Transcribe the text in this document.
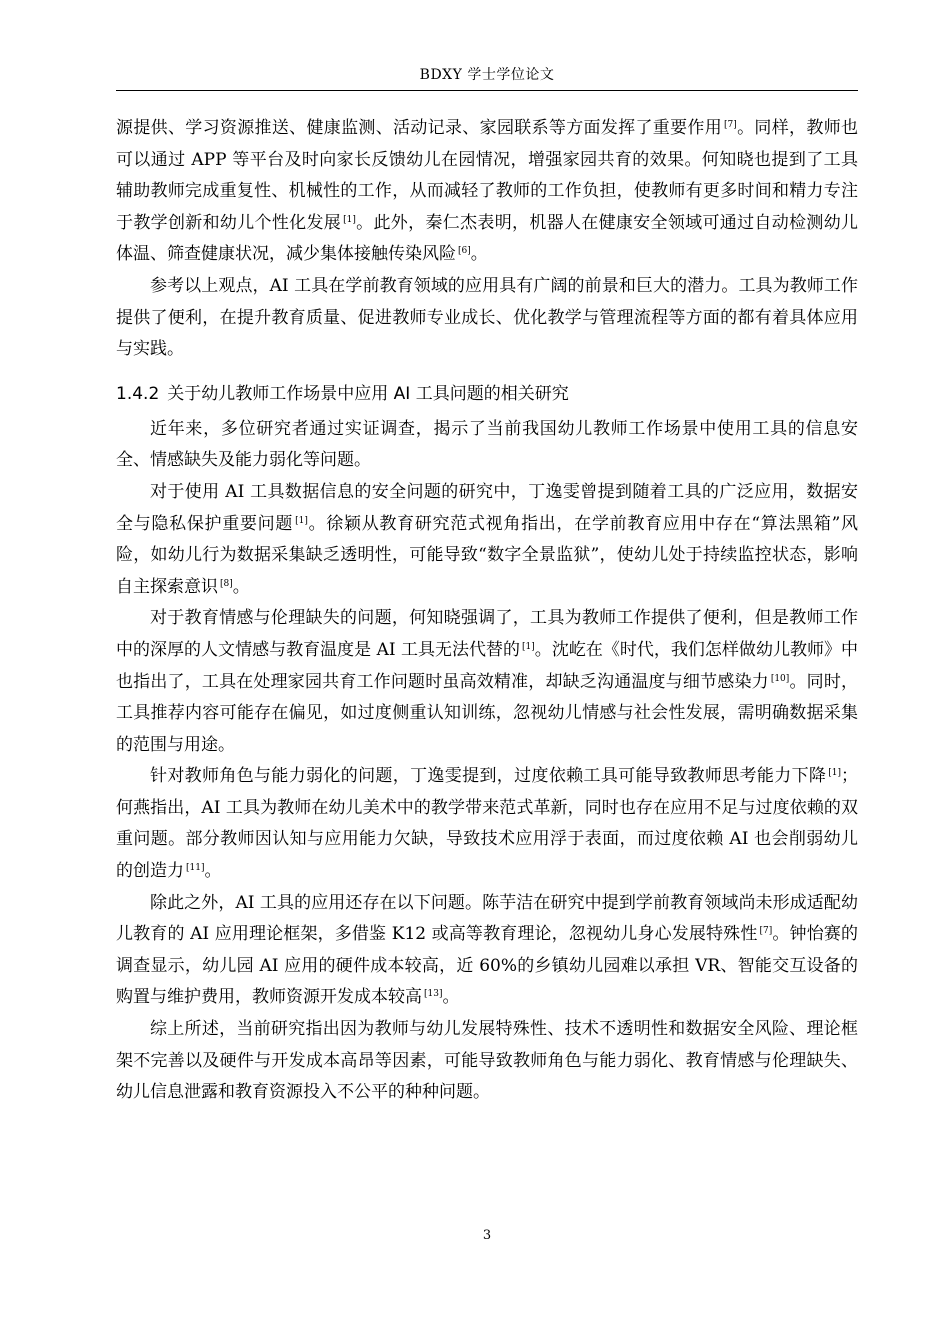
BDXY 学士学位论文

源提供、学习资源推送、健康监测、活动记录、家园联系等方面发挥了重要作用 [7]。同样，教师也可以通过 APP 等平台及时向家长反馈幼儿在园情况，增强家园共育的效果。何知晓也提到了工具辅助教师完成重复性、机械性的工作，从而减轻了教师的工作负担，使教师有更多时间和精力专注于教学创新和幼儿个性化发展 [1]。此外，秦仁杰表明，机器人在健康安全领域可通过自动检测幼儿体温、筛查健康状况，减少集体接触传染风险 [6]。

参考以上观点，AI 工具在学前教育领域的应用具有广阔的前景和巨大的潜力。工具为教师工作提供了便利，在提升教育质量、促进教师专业成长、优化教学与管理流程等方面的都有着具体应用与实践。

1.4.2 关于幼儿教师工作场景中应用 AI 工具问题的相关研究

近年来，多位研究者通过实证调查，揭示了当前我国幼儿教师工作场景中使用工具的信息安全、情感缺失及能力弱化等问题。

对于使用 AI 工具数据信息的安全问题的研究中，丁逸雯曾提到随着工具的广泛应用，数据安全与隐私保护重要问题 [1]。徐颖从教育研究范式视角指出，在学前教育应用中存在“算法黑箱”风险，如幼儿行为数据采集缺乏透明性，可能导致“数字全景监狱”，使幼儿处于持续监控状态，影响自主探索意识 [8]。

对于教育情感与伦理缺失的问题，何知晓强调了，工具为教师工作提供了便利，但是教师工作中的深厚的人文情感与教育温度是 AI 工具无法代替的 [1]。沈屹在《时代，我们怎样做幼儿教师》中也指出了，工具在处理家园共育工作问题时虽高效精准，却缺乏沟通温度与细节感染力 [10]。同时，工具推荐内容可能存在偏见，如过度侧重认知训练，忽视幼儿情感与社会性发展，需明确数据采集的范围与用途。

针对教师角色与能力弱化的问题，丁逸雯提到，过度依赖工具可能导致教师思考能力下降 [1]；何燕指出，AI 工具为教师在幼儿美术中的教学带来范式革新，同时也存在应用不足与过度依赖的双重问题。部分教师因认知与应用能力欠缺，导致技术应用浮于表面，而过度依赖 AI 也会削弱幼儿的创造力 [11]。

除此之外，AI 工具的应用还存在以下问题。陈芋洁在研究中提到学前教育领域尚未形成适配幼儿教育的 AI 应用理论框架，多借鉴 K12 或高等教育理论，忽视幼儿身心发展特殊性 [7]。钟怡赛的调查显示，幼儿园 AI 应用的硬件成本较高，近 60%的乡镇幼儿园难以承担 VR、智能交互设备的购置与维护费用，教师资源开发成本较高 [13]。

综上所述，当前研究指出因为教师与幼儿发展特殊性、技术不透明性和数据安全风险、理论框架不完善以及硬件与开发成本高昂等因素，可能导致教师角色与能力弱化、教育情感与伦理缺失、幼儿信息泄露和教育资源投入不公平的种种问题。

3
